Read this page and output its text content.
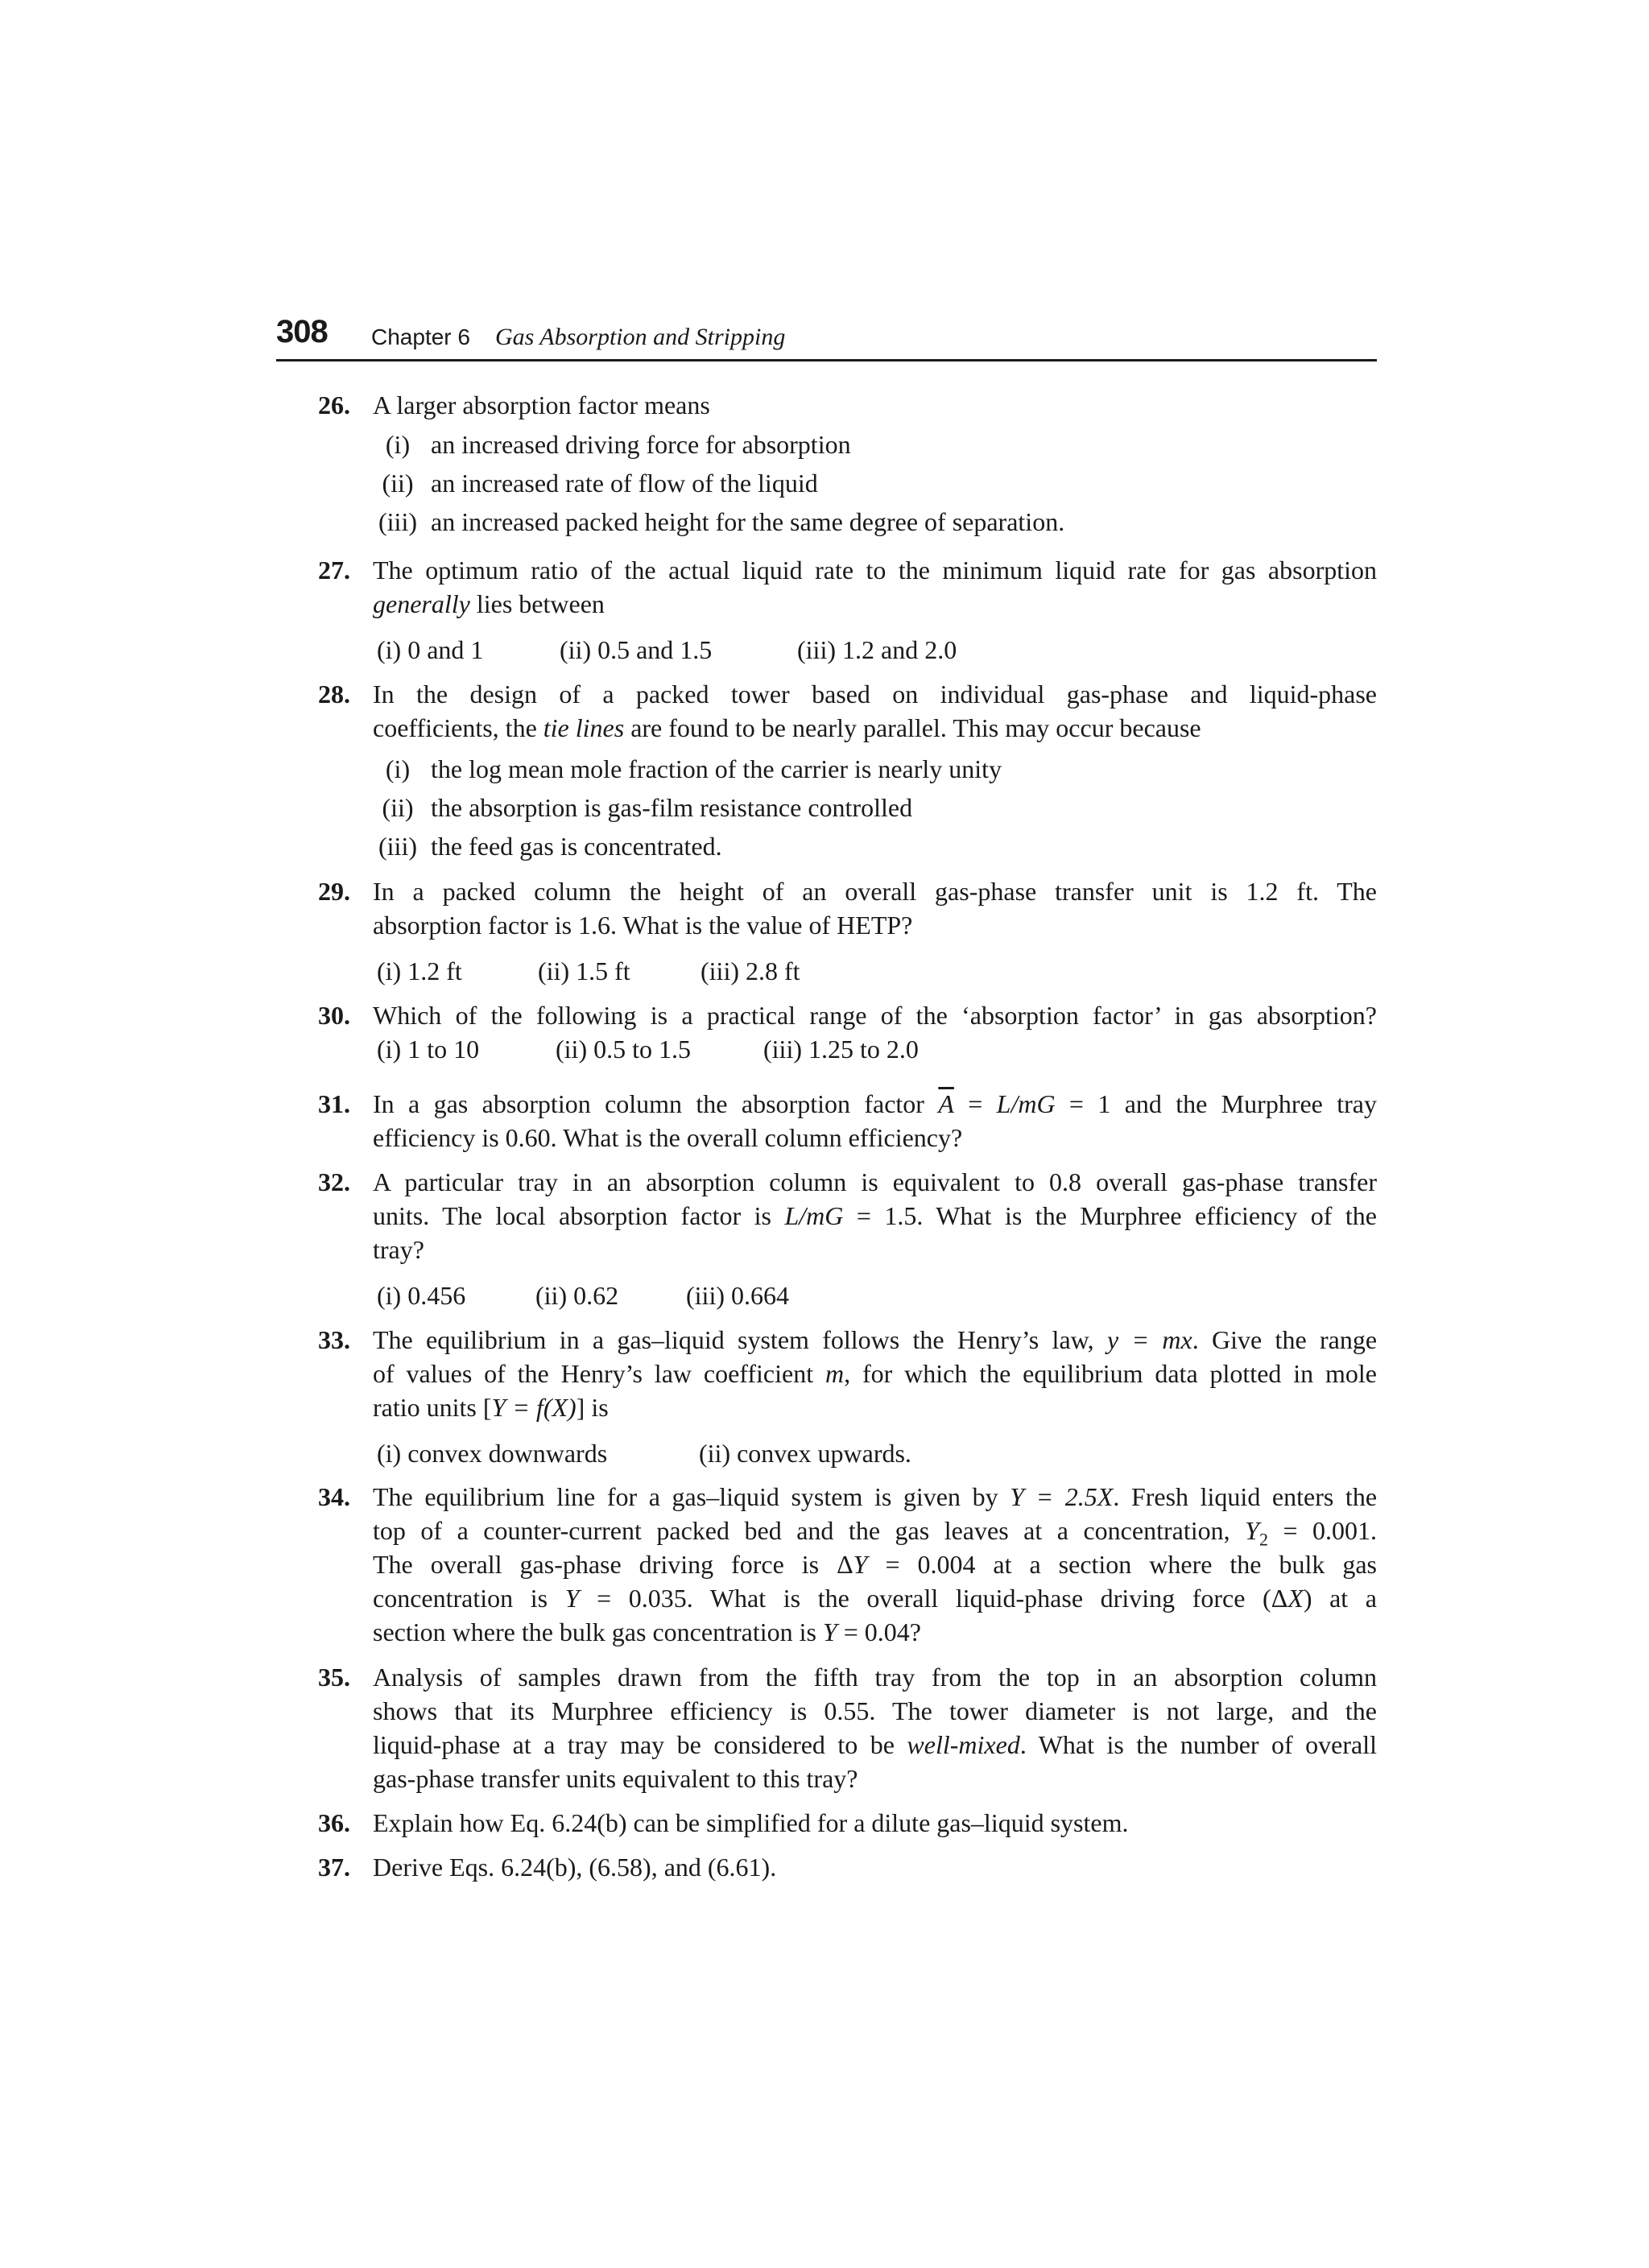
308 Chapter 6 Gas Absorption and Stripping
26. A larger absorption factor means
(i) an increased driving force for absorption
(ii) an increased rate of flow of the liquid
(iii) an increased packed height for the same degree of separation.
27. The optimum ratio of the actual liquid rate to the minimum liquid rate for gas absorption
generally lies between
(i) 0 and 1	(ii) 0.5 and 1.5	(iii) 1.2 and 2.0
28. In the design of a packed tower based on individual gas-phase and liquid-phase
coefficients, the tie lines are found to be nearly parallel. This may occur because
(i) the log mean mole fraction of the carrier is nearly unity
(ii) the absorption is gas-film resistance controlled
(iii) the feed gas is concentrated.
29. In a packed column the height of an overall gas-phase transfer unit is 1.2 ft. The
absorption factor is 1.6. What is the value of HETP?
(i) 1.2 ft	(ii) 1.5 ft	(iii) 2.8 ft
30. Which of the following is a practical range of the ‘absorption factor’ in gas absorption?
(i) 1 to 10	(ii) 0.5 to 1.5	(iii) 1.25 to 2.0
31. In a gas absorption column the absorption factor $\overline{A} = L/mG = 1$ and the Murphree tray
efficiency is 0.60. What is the overall column efficiency?
32. A particular tray in an absorption column is equivalent to 0.8 overall gas-phase transfer
units. The local absorption factor is L/mG = 1.5. What is the Murphree efficiency of the
tray?
(i) 0.456	(ii) 0.62	(iii) 0.664
33. The equilibrium in a gas–liquid system follows the Henry’s law, y = mx. Give the range
of values of the Henry’s law coefficient m, for which the equilibrium data plotted in mole
ratio units [Y = f(X)] is
(i) convex downwards	(ii) convex upwards.
34. The equilibrium line for a gas–liquid system is given by Y = 2.5X. Fresh liquid enters the
top of a counter-current packed bed and the gas leaves at a concentration, $Y_2 = 0.001$.
The overall gas-phase driving force is ΔY = 0.004 at a section where the bulk gas
concentration is Y = 0.035. What is the overall liquid-phase driving force (ΔX) at a
section where the bulk gas concentration is Y = 0.04?
35. Analysis of samples drawn from the fifth tray from the top in an absorption column
shows that its Murphree efficiency is 0.55. The tower diameter is not large, and the
liquid-phase at a tray may be considered to be well-mixed. What is the number of overall
gas-phase transfer units equivalent to this tray?
36. Explain how Eq. 6.24(b) can be simplified for a dilute gas–liquid system.
37. Derive Eqs. 6.24(b), (6.58), and (6.61).
